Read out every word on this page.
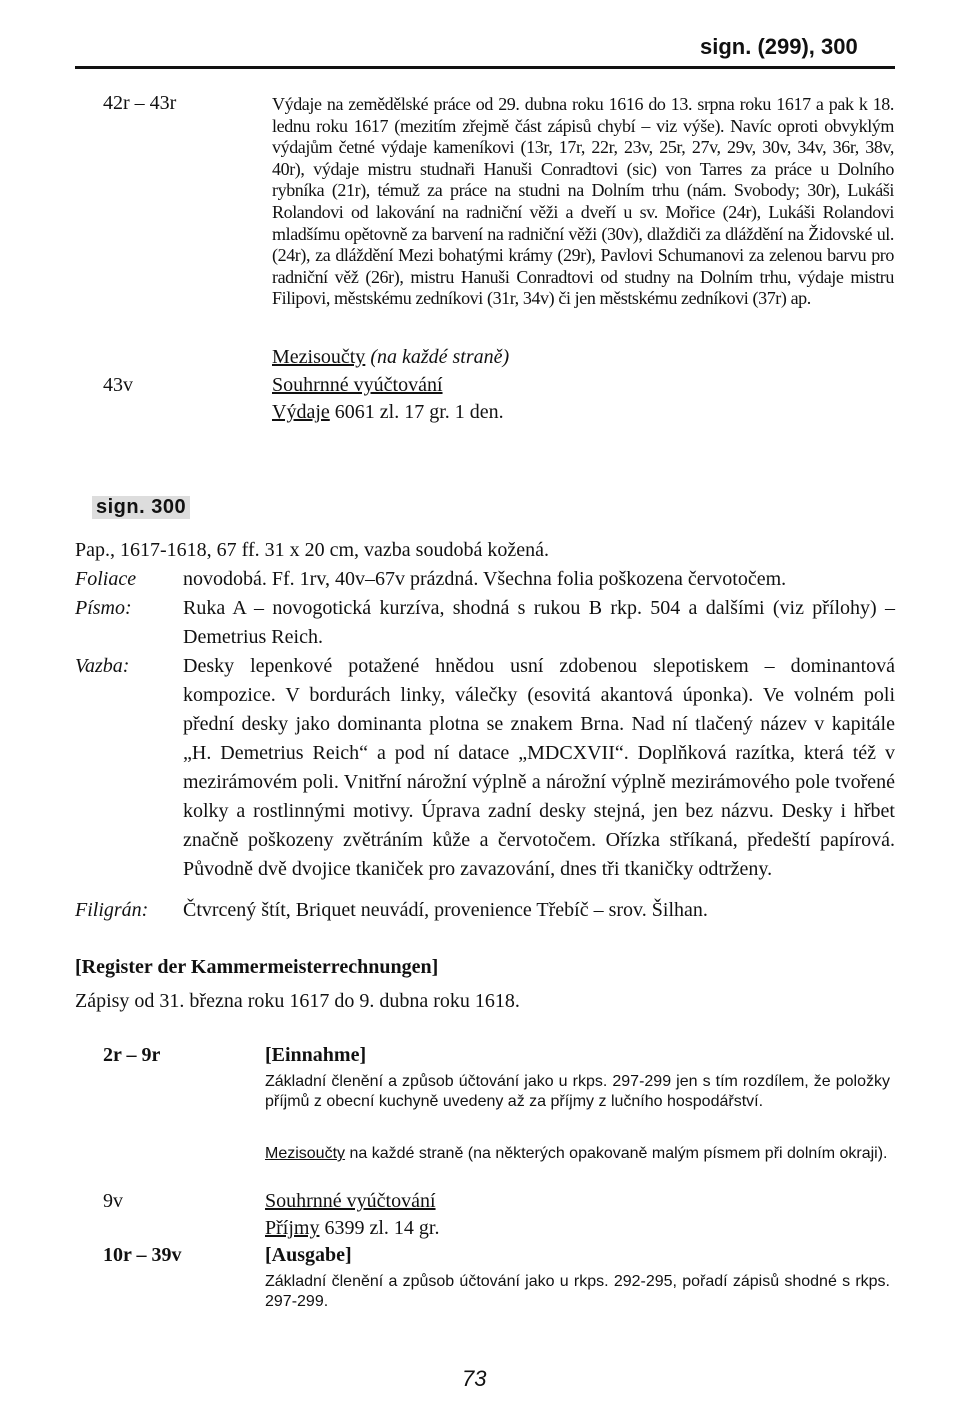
sign. (299), 300
42r – 43r	Výdaje na zemědělské práce od 29. dubna roku 1616 do 13. srpna roku 1617 a pak k 18. lednu roku 1617 (mezitím zřejmě část zápisů chybí – viz výše). Navíc oproti obvyklým výdajům četné výdaje kameníkovi (13r, 17r, 22r, 23v, 25r, 27v, 29v, 30v, 34v, 36r, 38v, 40r), výdaje mistru studnaři Hanuši Conradtovi (sic) von Tarres za práce u Dolního rybníka (21r), témuž za práce na studni na Dolním trhu (nám. Svobody; 30r), Lukáši Rolandovi od lakování na radniční věži a dveří u sv. Mořice (24r), Lukáši Rolandovi mladšímu opětovně za barvení na radniční věži (30v), dlaždiči za dláždění na Židovské ul. (24r), za dláždění Mezi bohatými krámy (29r), Pavlovi Schumanovi za zelenou barvu pro radniční věž (26r), mistru Hanuši Conradtovi od studny na Dolním trhu, výdaje mistru Filipovi, městskému zedníkovi (31r, 34v) či jen městskému zedníkovi (37r) ap.
Mezisoučty (na každé straně)
43v	Souhrnné vyúčtování
Výdaje 6061 zl. 17 gr. 1 den.
sign. 300
Pap., 1617-1618, 67 ff. 31 x 20 cm, vazba soudobá kožená.
Foliace novodobá. Ff. 1rv, 40v–67v prázdná. Všechna folia poškozena červotočem.
Písmo:	Ruka A – novogotická kurzíva, shodná s rukou B rkp. 504 a dalšími (viz přílohy) – Demetrius Reich.
Vazba:	Desky lepenkové potažené hnědou usní zdobenou slepotiskem – dominantová kompozice. V bordurách linky, válečky (esovitá akantová úponka). Ve volném poli přední desky jako dominanta plotna se znakem Brna. Nad ní tlačený název v kapitále „H. Demetrius Reich“ a pod ní datace „MDCXVII“. Doplňková razítka, která též v mezirámovém poli. Vnitřní nárožní výplně a nárožní výplně mezirámového pole tvořené kolky a rostlinnými motivy. Úprava zadní desky stejná, jen bez názvu. Desky i hřbet značně poškozeny zvětráním kůže a červotočem. Ořízka stříkaná, předeští papírová. Původně dvě dvojice tkaniček pro zavazování, dnes tři tkaničky odtrženy.
Filigrán: Čtvrcený štít, Briquet neuvádí, provenience Třebíč – srov. Šilhan.
[Register der Kammermeisterrechnungen]
Zápisy od 31. března roku 1617 do 9. dubna roku 1618.
2r – 9r	[Einnahme]
Základní členění a způsob účtování jako u rkps. 297-299 jen s tím rozdílem, že položky příjmů z obecní kuchyně uvedeny až za příjmy z lučního hospodářství.
Mezisoučty na každé straně (na některých opakovaně malým písmem při dolním okraji).
9v	Souhrnné vyúčtování
Příjmy 6399 zl. 14 gr.
10r – 39v	[Ausgabe]
Základní členění a způsob účtování jako u rkps. 292-295, pořadí zápisů shodné s rkps. 297-299.
73
